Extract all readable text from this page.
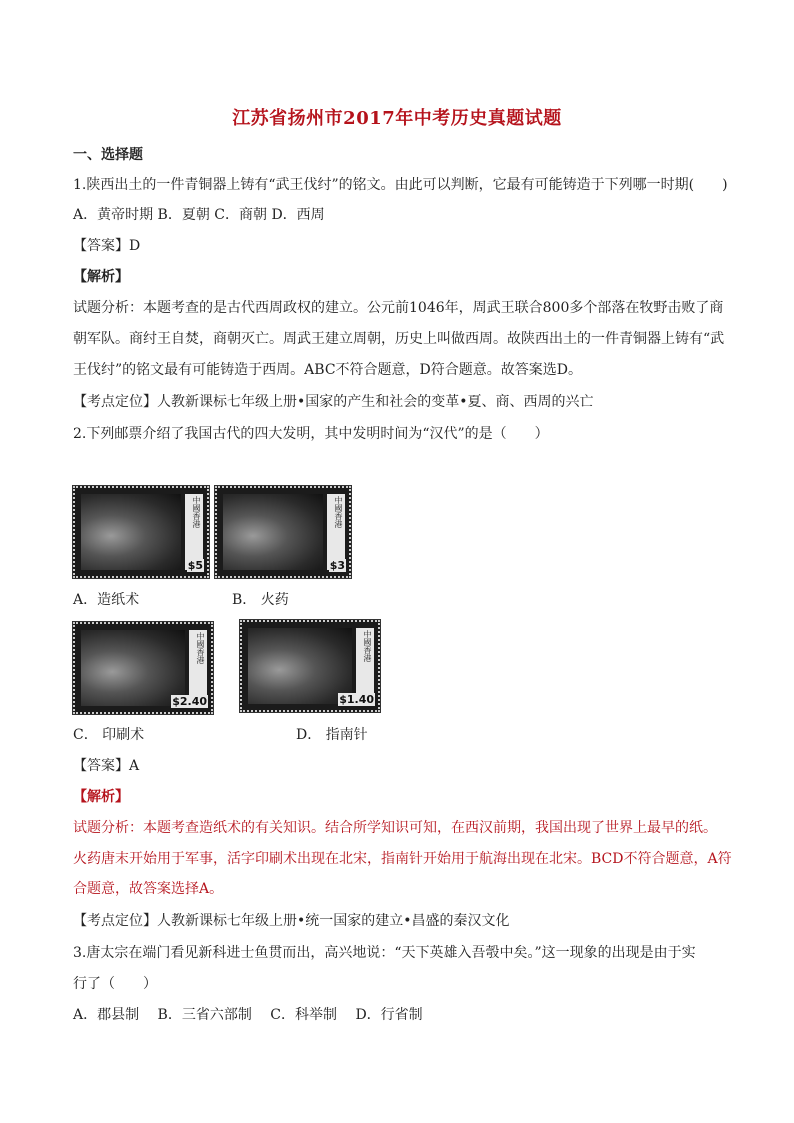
江苏省扬州市2017年中考历史真题试题
一、选择题
1.陕西出土的一件青铜器上铸有“武王伐纣”的铭文。由此可以判断，它最有可能铸造于下列哪一时期(　　)
A．黄帝时期 B．夏朝 C．商朝 D．西周
【答案】D
【解析】
试题分析：本题考查的是古代西周政权的建立。公元前1046年，周武王联合800多个部落在牧野击败了商
朝军队。商纣王自焚，商朝灭亡。周武王建立周朝，历史上叫做西周。故陕西出土的一件青铜器上铸有“武
王伐纣”的铭文最有可能铸造于西周。ABC不符合题意，D符合题意。故答案选D。
【考点定位】人教新课标七年级上册•国家的产生和社会的变革•夏、商、西周的兴亡
2.下列邮票介绍了我国古代的四大发明，其中发明时间为“汉代”的是（　　）
中國香港
$5
中國香港
$3
A．造纸术	B． 火药
中國香港
$2.40
中國香港
$1.40
C． 印刷术	D． 指南针
【答案】A
【解析】
试题分析：本题考查造纸术的有关知识。结合所学知识可知，在西汉前期，我国出现了世界上最早的纸。
火药唐末开始用于军事，活字印刷术出现在北宋，指南针开始用于航海出现在北宋。BCD不符合题意，A符
合题意，故答案选择A。
【考点定位】人教新课标七年级上册•统一国家的建立•昌盛的秦汉文化
3.唐太宗在端门看见新科进士鱼贯而出，高兴地说：“天下英雄入吾彀中矣。”这一现象的出现是由于实
行了（　　）
A．郡县制　 B．三省六部制　 C．科举制　 D．行省制
